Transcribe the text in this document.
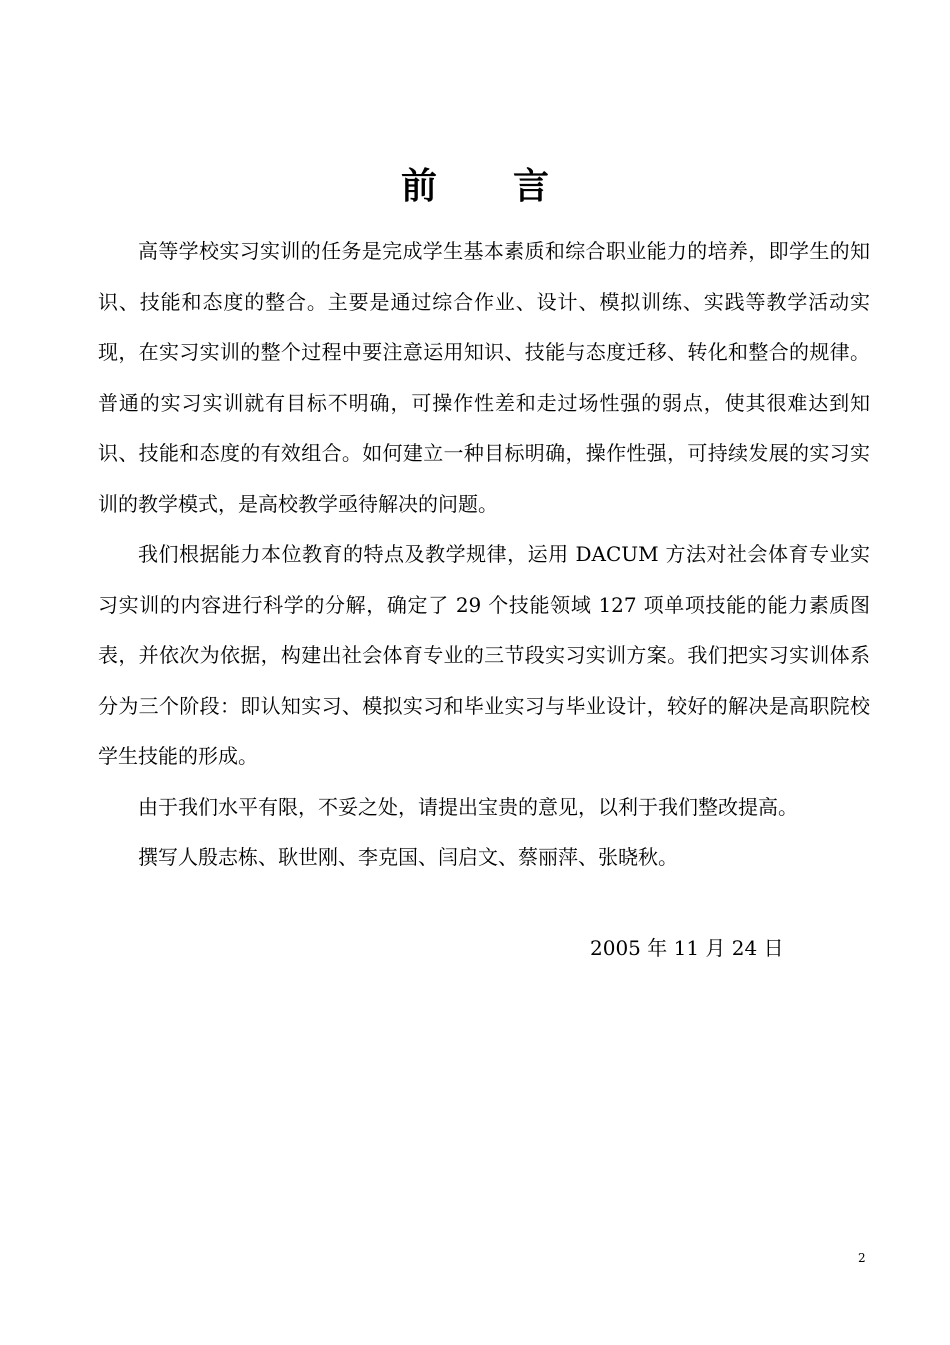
前 言

高等学校实习实训的任务是完成学生基本素质和综合职业能力的培养，即学生的知识、技能和态度的整合。主要是通过综合作业、设计、模拟训练、实践等教学活动实现，在实习实训的整个过程中要注意运用知识、技能与态度迁移、转化和整合的规律。普通的实习实训就有目标不明确，可操作性差和走过场性强的弱点，使其很难达到知识、技能和态度的有效组合。如何建立一种目标明确，操作性强，可持续发展的实习实训的教学模式，是高校教学亟待解决的问题。

我们根据能力本位教育的特点及教学规律，运用 DACUM 方法对社会体育专业实习实训的内容进行科学的分解，确定了 29 个技能领域 127 项单项技能的能力素质图表，并依次为依据，构建出社会体育专业的三节段实习实训方案。我们把实习实训体系分为三个阶段：即认知实习、模拟实习和毕业实习与毕业设计，较好的解决是高职院校学生技能的形成。

由于我们水平有限，不妥之处，请提出宝贵的意见，以利于我们整改提高。

撰写人殷志栋、耿世刚、李克国、闫启文、蔡丽萍、张晓秋。

2005 年 11 月 24 日
2
